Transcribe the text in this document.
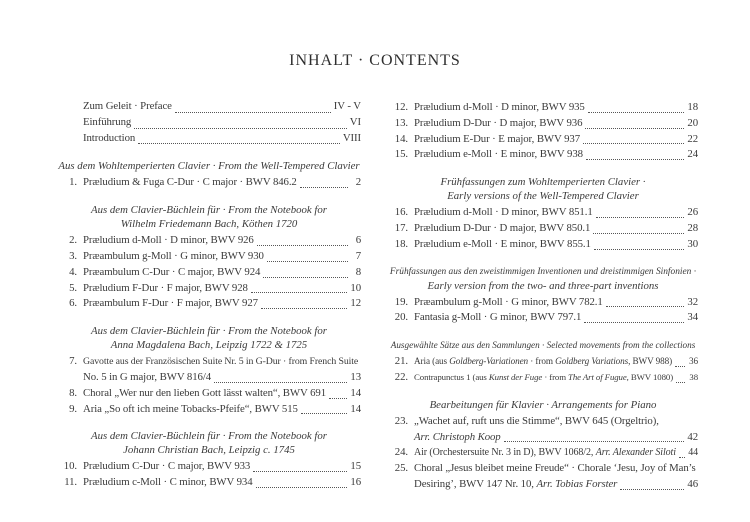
INHALT · CONTENTS
Zum Geleit · Preface	IV - V
Einführung	VI
Introduction	VIII
Aus dem Wohltemperierten Clavier · From the Well-Tempered Clavier
1. Præludium & Fuga C-Dur · C major · BWV 846.2	2
Aus dem Clavier-Büchlein für · From the Notebook for
Wilhelm Friedemann Bach, Köthen 1720
2. Præludium d-Moll · D minor, BWV 926	6
3. Præambulum g-Moll · G minor, BWV 930	7
4. Præambulum C-Dur · C major, BWV 924	8
5. Præludium F-Dur · F major, BWV 928	10
6. Præambulum F-Dur · F major, BWV 927	12
Aus dem Clavier-Büchlein für · From the Notebook for
Anna Magdalena Bach, Leipzig 1722 & 1725
7. Gavotte aus der Französischen Suite Nr. 5 in G-Dur · from French Suite
No. 5 in G major, BWV 816/4	13
8. Choral „Wer nur den lieben Gott lässt walten“, BWV 691 14
9. Aria „So oft ich meine Tobacks-Pfeife“, BWV 515	14
Aus dem Clavier-Büchlein für · From the Notebook for
Johann Christian Bach, Leipzig c. 1745
10. Præludium C-Dur · C major, BWV 933	15
11. Præludium c-Moll · C minor, BWV 934	16
12. Præludium d-Moll · D minor, BWV 935	18
13. Præludium D-Dur · D major, BWV 936	20
14. Præludium E-Dur · E major, BWV 937	22
15. Præludium e-Moll · E minor, BWV 938	24
Frühfassungen zum Wohltemperierten Clavier ·
Early versions of the Well-Tempered Clavier
16. Præludium d-Moll · D minor, BWV 851.1	26
17. Præludium D-Dur · D major, BWV 850.1	28
18. Præludium e-Moll · E minor, BWV 855.1	30
Frühfassungen aus den zweistimmigen Inventionen und dreistimmigen Sinfonien ·
Early version from the two- and three-part inventions
19. Præambulum g-Moll · G minor, BWV 782.1	32
20. Fantasia g-Moll · G minor, BWV 797.1	34
Ausgewählte Sätze aus den Sammlungen · Selected movements from the collections
21. Aria (aus Goldberg-Variationen · from Goldberg Variations, BWV 988) 36
22. Contrapunctus 1 (aus Kunst der Fuge · from The Art of Fugue, BWV 1080) 38
Bearbeitungen für Klavier · Arrangements for Piano
23. „Wachet auf, ruft uns die Stimme“, BWV 645 (Orgeltrio),
Arr. Christoph Koop	42
24. Air (Orchestersuite Nr. 3 in D), BWV 1068/2, Arr. Alexander Siloti 44
25. Choral „Jesus bleibet meine Freude“ · Chorale ‘Jesu, Joy of Man’s
Desiring’, BWV 147 Nr. 10, Arr. Tobias Forster	46
